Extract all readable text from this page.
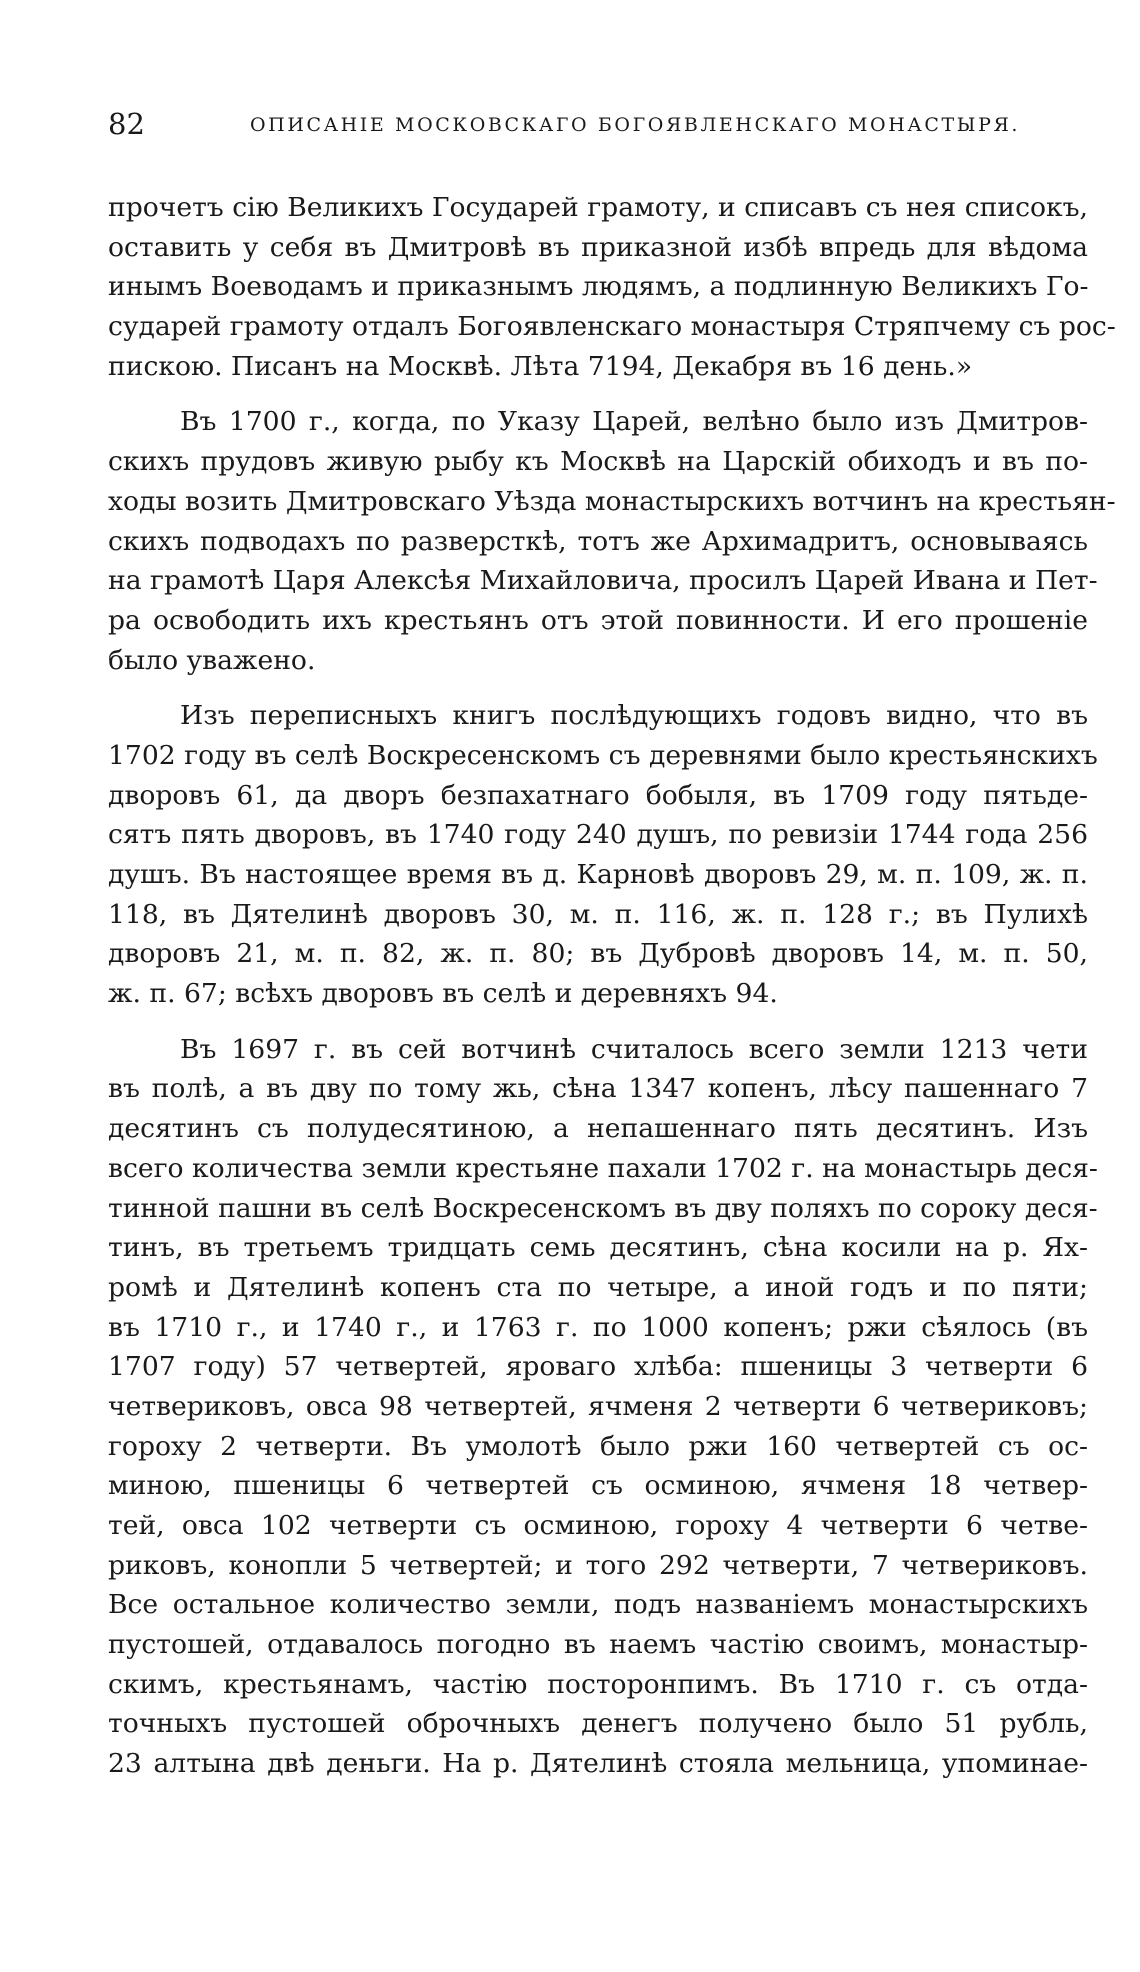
82	ОПИСАНІЕ МОСКОВСКАГО БОГОЯВЛЕНСКАГО МОНАСТЫРЯ.
прочетъ сію Великихъ Государей грамоту, и списавъ съ нея списокъ,
оставить у себя въ Дмитровѣ въ приказной избѣ впредь для вѣдома
инымъ Воеводамъ и приказнымъ людямъ, а подлинную Великихъ Го-
сударей грамоту отдалъ Богоявленскаго монастыря Стряпчему съ рос-
пискою. Писанъ на Москвѣ. Лѣта 7194, Декабря въ 16 день.»
Въ 1700 г., когда, по Указу Царей, велѣно было изъ Дмитров-
скихъ прудовъ живую рыбу къ Москвѣ на Царскій обиходъ и въ по-
ходы возить Дмитровскаго Уѣзда монастырскихъ вотчинъ на крестьян-
скихъ подводахъ по разверсткѣ, тотъ же Архимадритъ, основываясь
на грамотѣ Царя Алексѣя Михайловича, просилъ Царей Ивана и Пет-
ра освободить ихъ крестьянъ отъ этой повинности. И его прошеніе
было уважено.
Изъ переписныхъ книгъ послѣдующихъ годовъ видно, что въ
1702 году въ селѣ Воскресенскомъ съ деревнями было крестьянскихъ
дворовъ 61, да дворъ безпахатнаго бобыля, въ 1709 году пятьде-
сятъ пять дворовъ, въ 1740 году 240 душъ, по ревизіи 1744 года 256
душъ. Въ настоящее время въ д. Карновѣ дворовъ 29, м. п. 109, ж. п.
118, въ Дятелинѣ дворовъ 30, м. п. 116, ж. п. 128 г.; въ Пулихѣ
дворовъ 21, м. п. 82, ж. п. 80; въ Дубровѣ дворовъ 14, м. п. 50,
ж. п. 67; всѣхъ дворовъ въ селѣ и деревняхъ 94.
Въ 1697 г. въ сей вотчинѣ считалось всего земли 1213 чети
въ полѣ, а въ дву по тому жь, сѣна 1347 копенъ, лѣсу пашеннаго 7
десятинъ съ полудесятиною, а непашеннаго пять десятинъ. Изъ
всего количества земли крестьяне пахали 1702 г. на монастырь деся-
тинной пашни въ селѣ Воскресенскомъ въ дву поляхъ по сороку деся-
тинъ, въ третьемъ тридцать семь десятинъ, сѣна косили на р. Ях-
ромѣ и Дятелинѣ копенъ ста по четыре, а иной годъ и по пяти;
въ 1710 г., и 1740 г., и 1763 г. по 1000 копенъ; ржи сѣялось (въ
1707 году) 57 четвертей, яроваго хлѣба: пшеницы 3 четверти 6
четвериковъ, овса 98 четвертей, ячменя 2 четверти 6 четвериковъ;
гороху 2 четверти. Въ умолотѣ было ржи 160 четвертей съ ос-
миною, пшеницы 6 четвертей съ осминою, ячменя 18 четвер-
тей, овса 102 четверти съ осминою, гороху 4 четверти 6 четве-
риковъ, конопли 5 четвертей; и того 292 четверти, 7 четвериковъ.
Все остальное количество земли, подъ названіемъ монастырскихъ
пустошей, отдавалось погодно въ наемъ частію своимъ, монастыр-
скимъ, крестьянамъ, частію посторонпимъ. Въ 1710 г. съ отда-
точныхъ пустошей оброчныхъ денегъ получено было 51 рубль,
23 алтына двѣ деньги. На р. Дятелинѣ стояла мельница, упоминае-
